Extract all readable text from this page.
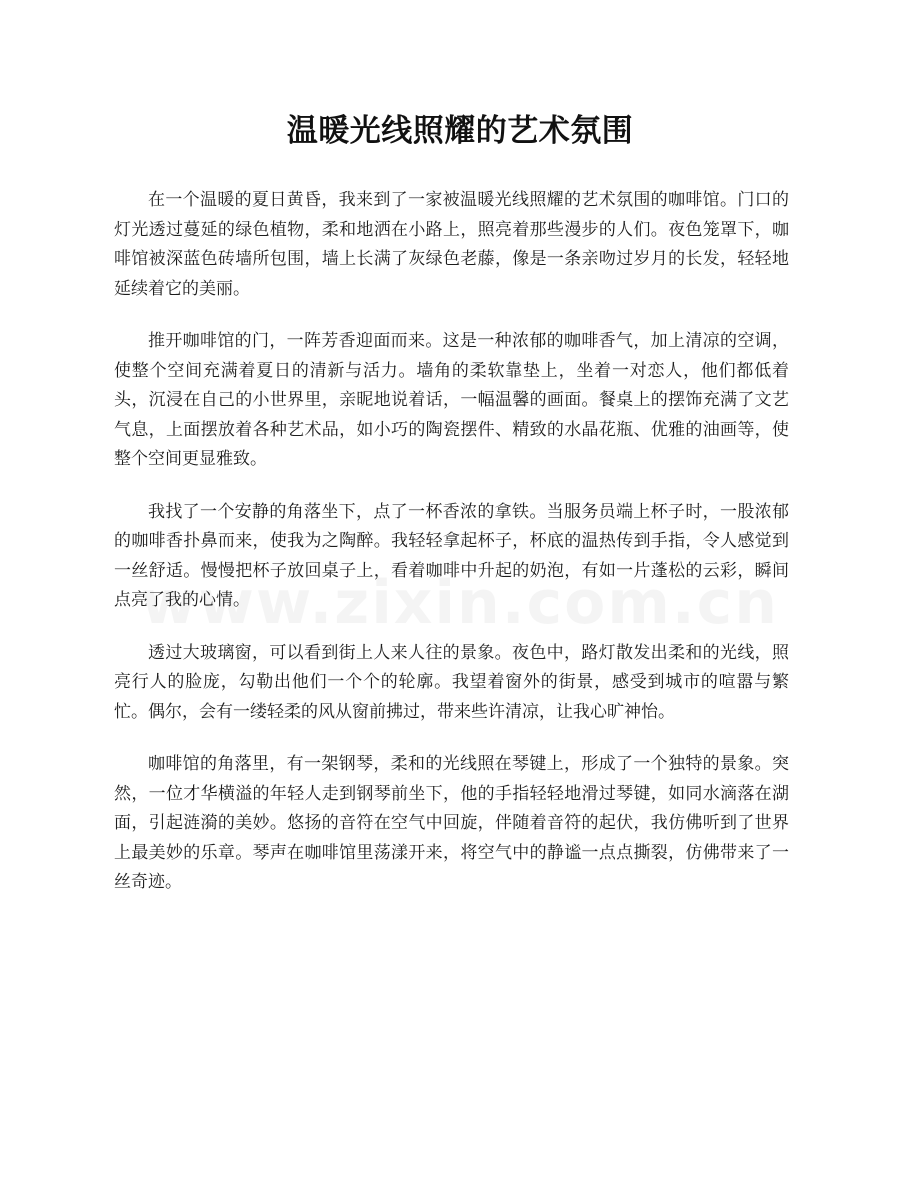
温暖光线照耀的艺术氛围

在一个温暖的夏日黄昏，我来到了一家被温暖光线照耀的艺术氛围的咖啡馆。门口的灯光透过蔓延的绿色植物，柔和地洒在小路上，照亮着那些漫步的人们。夜色笼罩下，咖啡馆被深蓝色砖墙所包围，墙上长满了灰绿色老藤，像是一条亲吻过岁月的长发，轻轻地延续着它的美丽。

推开咖啡馆的门，一阵芳香迎面而来。这是一种浓郁的咖啡香气，加上清凉的空调，使整个空间充满着夏日的清新与活力。墙角的柔软靠垫上，坐着一对恋人，他们都低着头，沉浸在自己的小世界里，亲昵地说着话，一幅温馨的画面。餐桌上的摆饰充满了文艺气息，上面摆放着各种艺术品，如小巧的陶瓷摆件、精致的水晶花瓶、优雅的油画等，使整个空间更显雅致。

我找了一个安静的角落坐下，点了一杯香浓的拿铁。当服务员端上杯子时，一股浓郁的咖啡香扑鼻而来，使我为之陶醉。我轻轻拿起杯子，杯底的温热传到手指，令人感觉到一丝舒适。慢慢把杯子放回桌子上，看着咖啡中升起的奶泡，有如一片蓬松的云彩，瞬间点亮了我的心情。

透过大玻璃窗，可以看到街上人来人往的景象。夜色中，路灯散发出柔和的光线，照亮行人的脸庞，勾勒出他们一个个的轮廓。我望着窗外的街景，感受到城市的喧嚣与繁忙。偶尔，会有一缕轻柔的风从窗前拂过，带来些许清凉，让我心旷神怡。

咖啡馆的角落里，有一架钢琴，柔和的光线照在琴键上，形成了一个独特的景象。突然，一位才华横溢的年轻人走到钢琴前坐下，他的手指轻轻地滑过琴键，如同水滴落在湖面，引起涟漪的美妙。悠扬的音符在空气中回旋，伴随着音符的起伏，我仿佛听到了世界上最美妙的乐章。琴声在咖啡馆里荡漾开来，将空气中的静谧一点点撕裂，仿佛带来了一丝奇迹。
